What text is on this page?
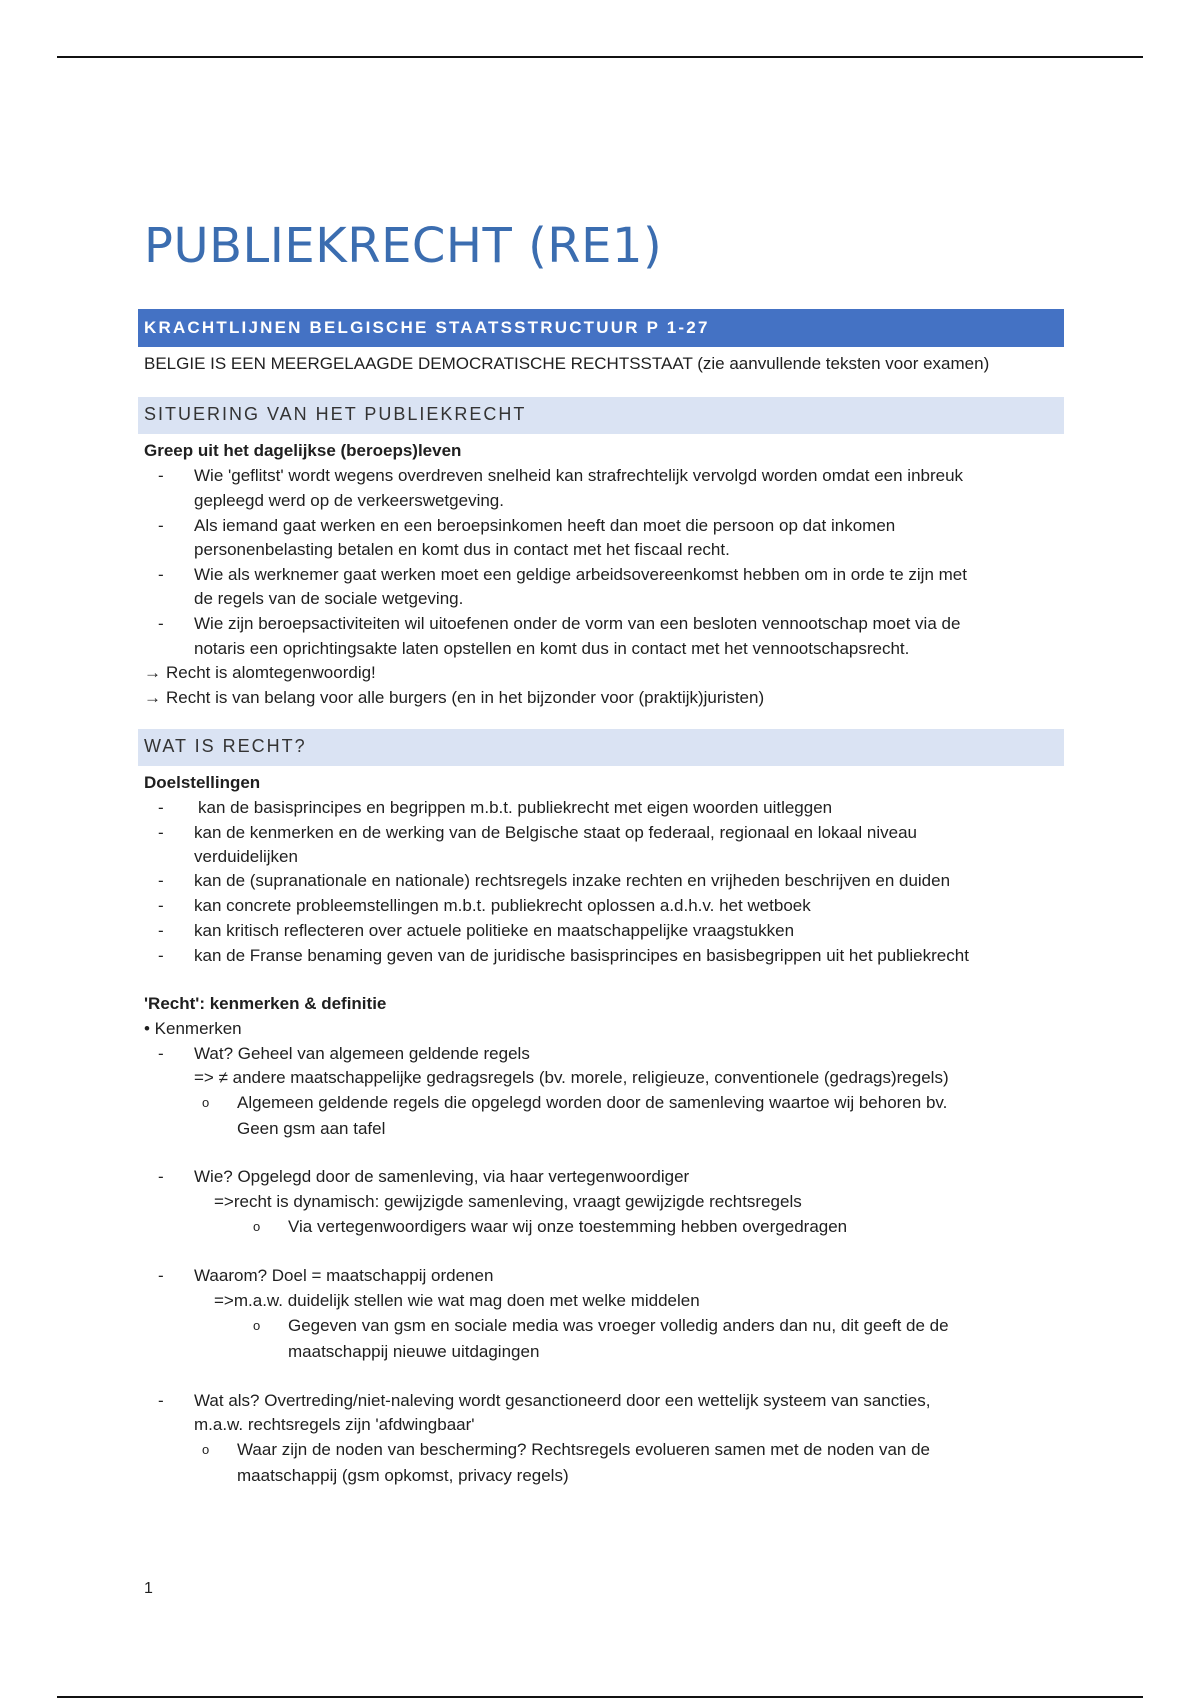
PUBLIEKRECHT (RE1)
KRACHTLIJNEN BELGISCHE STAATSSTRUCTUUR P 1-27
BELGIE IS EEN MEERGELAAGDE DEMOCRATISCHE RECHTSSTAAT (zie aanvullende teksten voor examen)
SITUERING VAN HET PUBLIEKRECHT
Greep uit het dagelijkse (beroeps)leven
- Wie 'geflitst' wordt wegens overdreven snelheid kan strafrechtelijk vervolgd worden omdat een inbreuk
gepleegd werd op de verkeerswetgeving.
- Als iemand gaat werken en een beroepsinkomen heeft dan moet die persoon op dat inkomen
personenbelasting betalen en komt dus in contact met het fiscaal recht.
- Wie als werknemer gaat werken moet een geldige arbeidsovereenkomst hebben om in orde te zijn met
de regels van de sociale wetgeving.
- Wie zijn beroepsactiviteiten wil uitoefenen onder de vorm van een besloten vennootschap moet via de
notaris een oprichtingsakte laten opstellen en komt dus in contact met het vennootschapsrecht.
→ Recht is alomtegenwoordig!
→ Recht is van belang voor alle burgers (en in het bijzonder voor (praktijk)juristen)
WAT IS RECHT?
Doelstellingen
- kan de basisprincipes en begrippen m.b.t. publiekrecht met eigen woorden uitleggen
- kan de kenmerken en de werking van de Belgische staat op federaal, regionaal en lokaal niveau
verduidelijken
- kan de (supranationale en nationale) rechtsregels inzake rechten en vrijheden beschrijven en duiden
- kan concrete probleemstellingen m.b.t. publiekrecht oplossen a.d.h.v. het wetboek
- kan kritisch reflecteren over actuele politieke en maatschappelijke vraagstukken
- kan de Franse benaming geven van de juridische basisprincipes en basisbegrippen uit het publiekrecht
'Recht': kenmerken & definitie
• Kenmerken
- Wat? Geheel van algemeen geldende regels
=> ≠ andere maatschappelijke gedragsregels (bv. morele, religieuze, conventionele (gedrags)regels)
o Algemeen geldende regels die opgelegd worden door de samenleving waartoe wij behoren bv.
Geen gsm aan tafel
- Wie? Opgelegd door de samenleving, via haar vertegenwoordiger
=>recht is dynamisch: gewijzigde samenleving, vraagt gewijzigde rechtsregels
o Via vertegenwoordigers waar wij onze toestemming hebben overgedragen
- Waarom? Doel = maatschappij ordenen
=>m.a.w. duidelijk stellen wie wat mag doen met welke middelen
o Gegeven van gsm en sociale media was vroeger volledig anders dan nu, dit geeft de de
maatschappij nieuwe uitdagingen
- Wat als? Overtreding/niet-naleving wordt gesanctioneerd door een wettelijk systeem van sancties,
m.a.w. rechtsregels zijn 'afdwingbaar'
o Waar zijn de noden van bescherming? Rechtsregels evolueren samen met de noden van de
maatschappij (gsm opkomst, privacy regels)
1
